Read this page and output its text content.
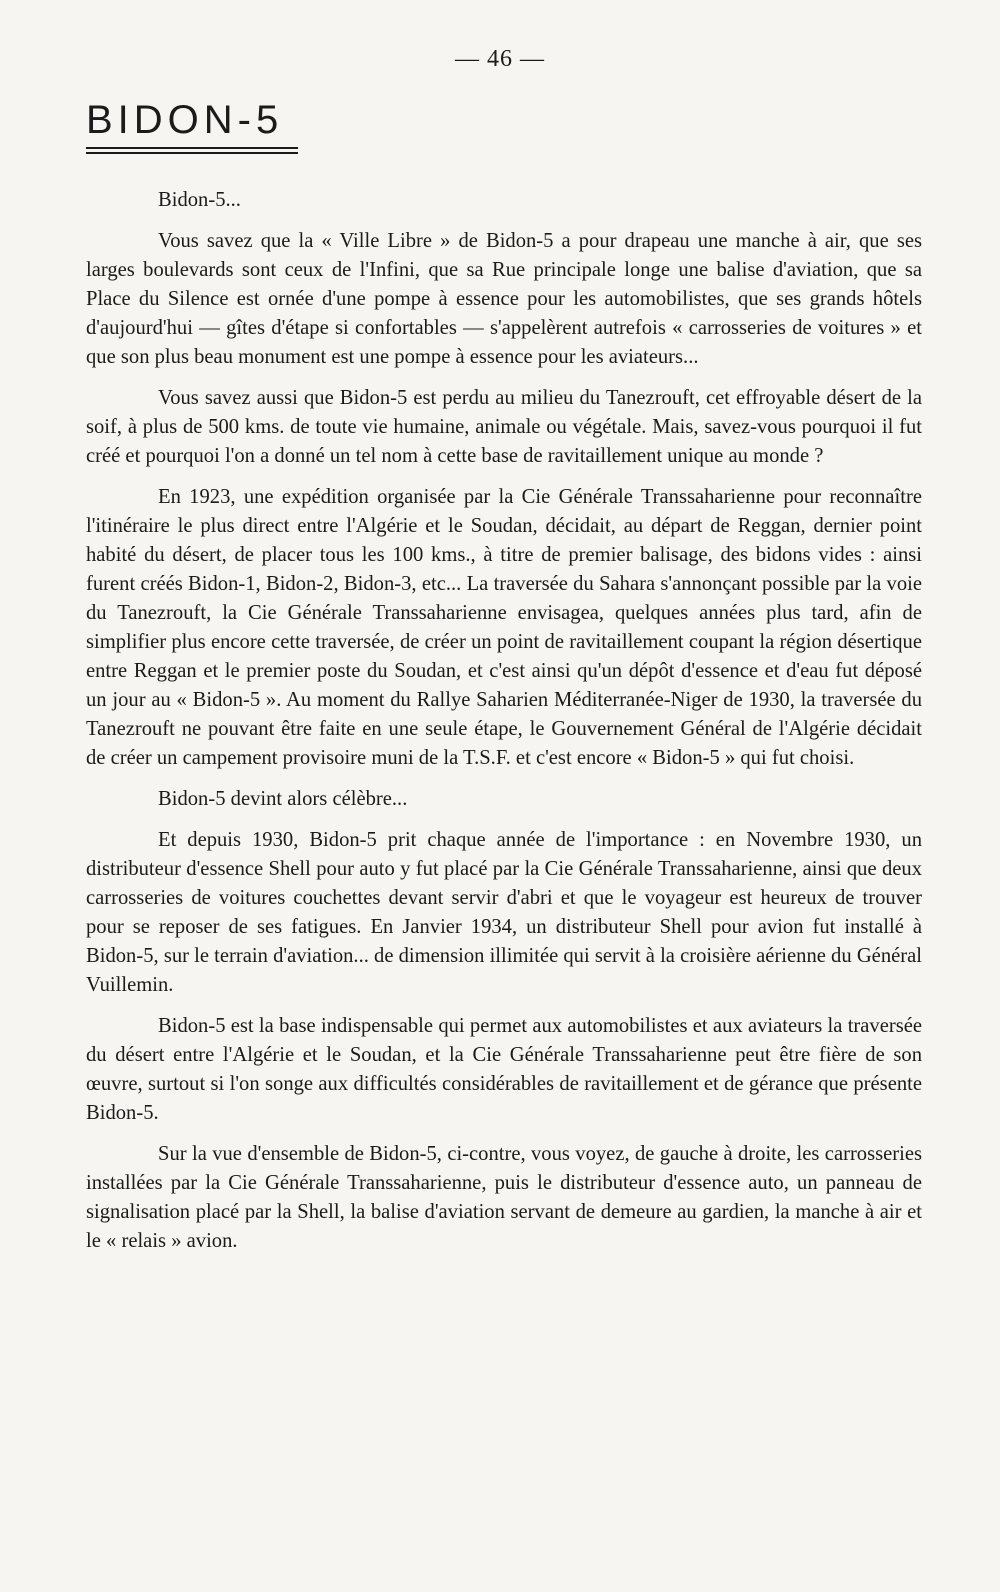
— 46 —
BIDON-5

Bidon-5...

Vous savez que la « Ville Libre » de Bidon-5 a pour drapeau une manche à air, que ses larges boulevards sont ceux de l'Infini, que sa Rue principale longe une balise d'aviation, que sa Place du Silence est ornée d'une pompe à essence pour les automobilistes, que ses grands hôtels d'aujourd'hui — gîtes d'étape si confortables — s'appelèrent autrefois « carrosseries de voitures » et que son plus beau monument est une pompe à essence pour les aviateurs...

Vous savez aussi que Bidon-5 est perdu au milieu du Tanezrouft, cet effroyable désert de la soif, à plus de 500 kms. de toute vie humaine, animale ou végétale. Mais, savez-vous pourquoi il fut créé et pourquoi l'on a donné un tel nom à cette base de ravitaillement unique au monde ?

En 1923, une expédition organisée par la Cie Générale Transsaharienne pour reconnaître l'itinéraire le plus direct entre l'Algérie et le Soudan, décidait, au départ de Reggan, dernier point habité du désert, de placer tous les 100 kms., à titre de premier balisage, des bidons vides : ainsi furent créés Bidon-1, Bidon-2, Bidon-3, etc... La traversée du Sahara s'annonçant possible par la voie du Tanezrouft, la Cie Générale Transsaharienne envisagea, quelques années plus tard, afin de simplifier plus encore cette traversée, de créer un point de ravitaillement coupant la région désertique entre Reggan et le premier poste du Soudan, et c'est ainsi qu'un dépôt d'essence et d'eau fut déposé un jour au « Bidon-5 ». Au moment du Rallye Saharien Méditerranée-Niger de 1930, la traversée du Tanezrouft ne pouvant être faite en une seule étape, le Gouvernement Général de l'Algérie décidait de créer un campement provisoire muni de la T.S.F. et c'est encore « Bidon-5 » qui fut choisi.

Bidon-5 devint alors célèbre...

Et depuis 1930, Bidon-5 prit chaque année de l'importance : en Novembre 1930, un distributeur d'essence Shell pour auto y fut placé par la Cie Générale Transsaharienne, ainsi que deux carrosseries de voitures couchettes devant servir d'abri et que le voyageur est heureux de trouver pour se reposer de ses fatigues. En Janvier 1934, un distributeur Shell pour avion fut installé à Bidon-5, sur le terrain d'aviation... de dimension illimitée qui servit à la croisière aérienne du Général Vuillemin.

Bidon-5 est la base indispensable qui permet aux automobilistes et aux aviateurs la traversée du désert entre l'Algérie et le Soudan, et la Cie Générale Transsaharienne peut être fière de son œuvre, surtout si l'on songe aux difficultés considérables de ravitaillement et de gérance que présente Bidon-5.

Sur la vue d'ensemble de Bidon-5, ci-contre, vous voyez, de gauche à droite, les carrosseries installées par la Cie Générale Transsaharienne, puis le distributeur d'essence auto, un panneau de signalisation placé par la Shell, la balise d'aviation servant de demeure au gardien, la manche à air et le « relais » avion.
